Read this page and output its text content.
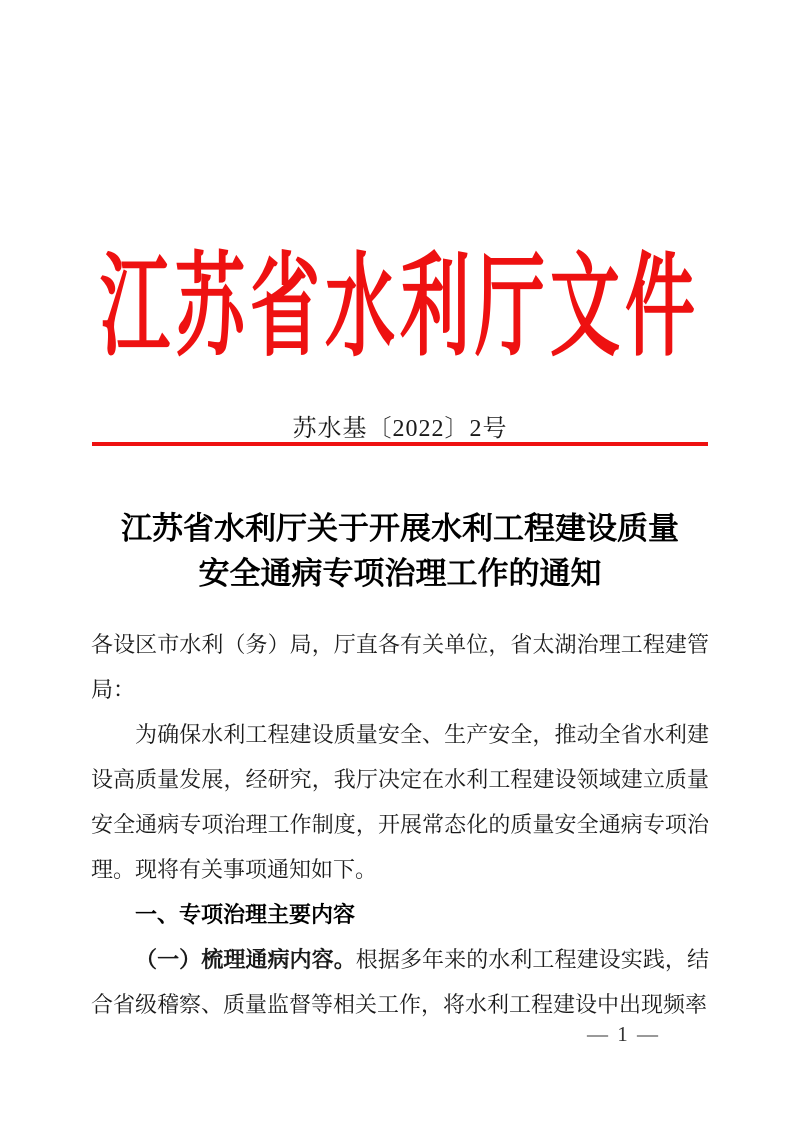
江苏省水利厅文件
苏水基〔2022〕2号
江苏省水利厅关于开展水利工程建设质量
安全通病专项治理工作的通知

各设区市水利（务）局，厅直各有关单位，省太湖治理工程建管局：

为确保水利工程建设质量安全、生产安全，推动全省水利建设高质量发展，经研究，我厅决定在水利工程建设领域建立质量安全通病专项治理工作制度，开展常态化的质量安全通病专项治理。现将有关事项通知如下。

一、专项治理主要内容

（一）梳理通病内容。根据多年来的水利工程建设实践，结合省级稽察、质量监督等相关工作，将水利工程建设中出现频率

— 1 —
